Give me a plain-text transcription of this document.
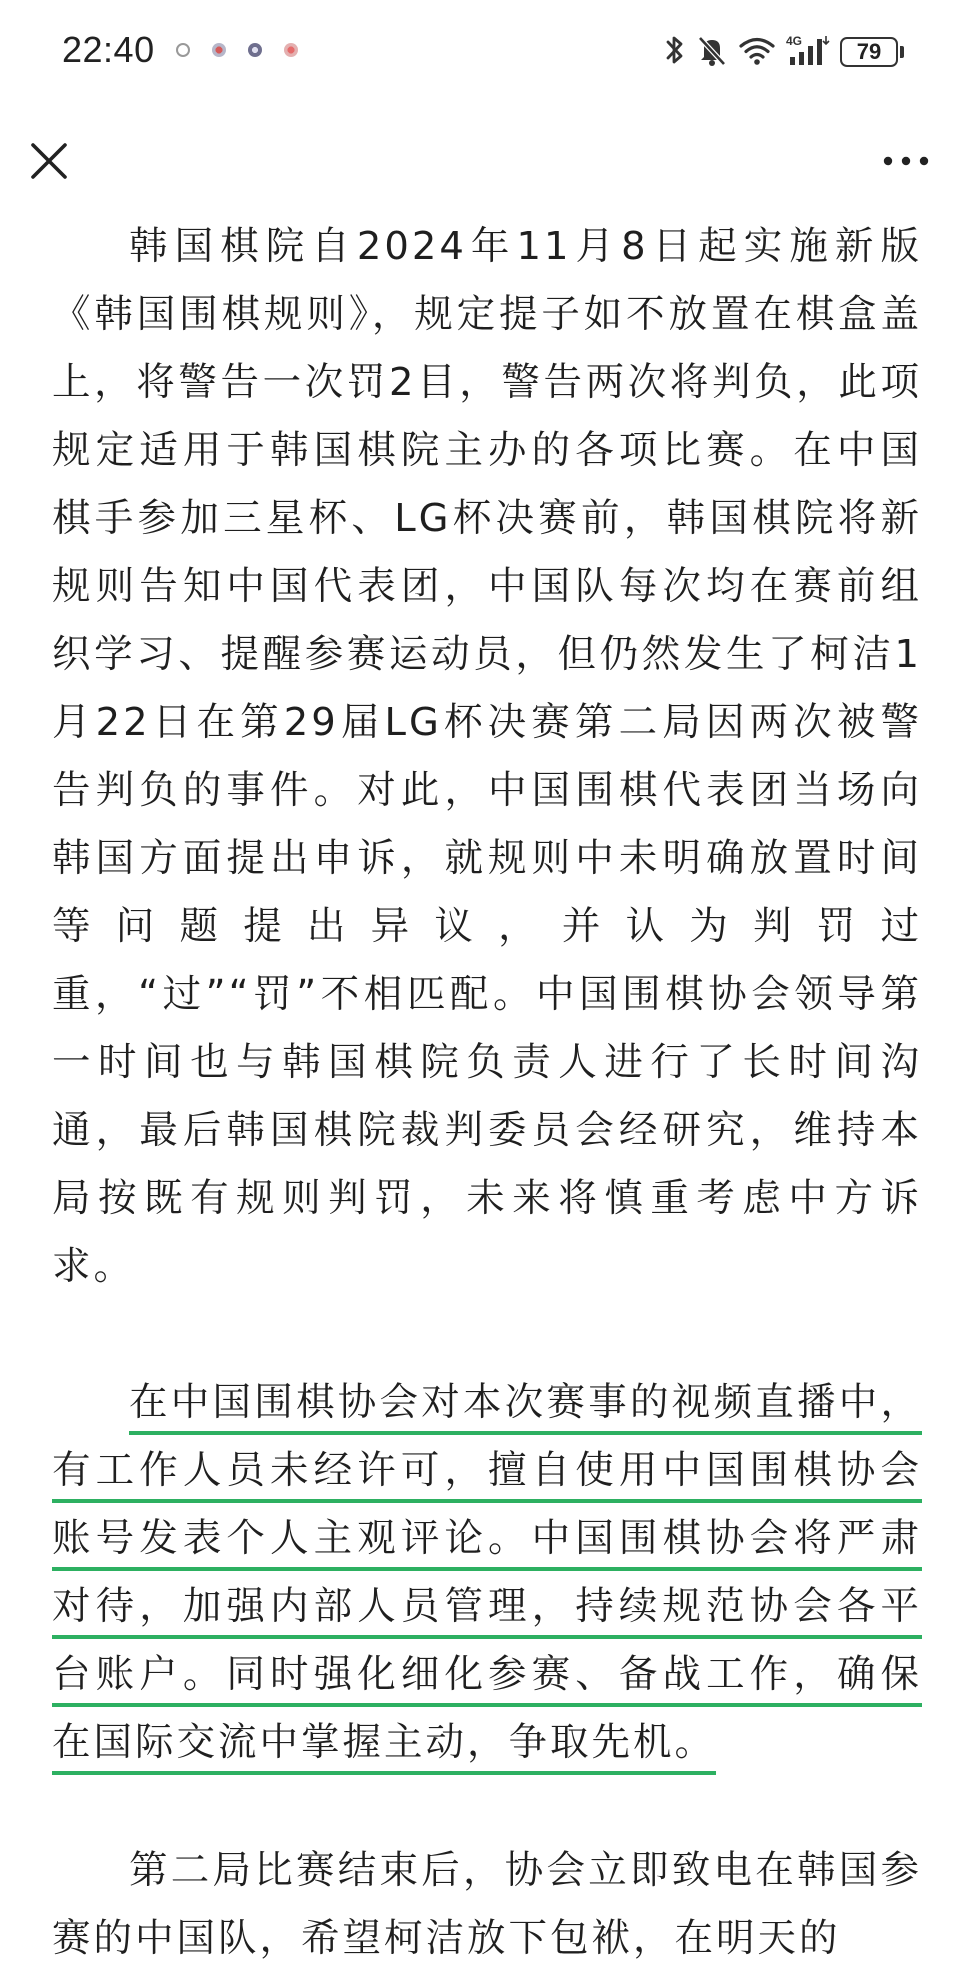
22:40	4G	79

韩国棋院自2024年11月8日起实施新版《韩国围棋规则》，规定提子如不放置在棋盒盖上，将警告一次罚2目，警告两次将判负，此项规定适用于韩国棋院主办的各项比赛。在中国棋手参加三星杯、LG杯决赛前，韩国棋院将新规则告知中国代表团，中国队每次均在赛前组织学习、提醒参赛运动员，但仍然发生了柯洁1月22日在第29届LG杯决赛第二局因两次被警告判负的事件。对此，中国围棋代表团当场向韩国方面提出申诉，就规则中未明确放置时间等问题提出异议，并认为判罚过重，“过”“罚”不相匹配。中国围棋协会领导第一时间也与韩国棋院负责人进行了长时间沟通，最后韩国棋院裁判委员会经研究，维持本局按既有规则判罚，未来将慎重考虑中方诉求。

在中国围棋协会对本次赛事的视频直播中，有工作人员未经许可，擅自使用中国围棋协会账号发表个人主观评论。中国围棋协会将严肃对待，加强内部人员管理，持续规范协会各平台账户。同时强化细化参赛、备战工作，确保在国际交流中掌握主动，争取先机。

第二局比赛结束后，协会立即致电在韩国参赛的中国队，希望柯洁放下包袱，在明天的
